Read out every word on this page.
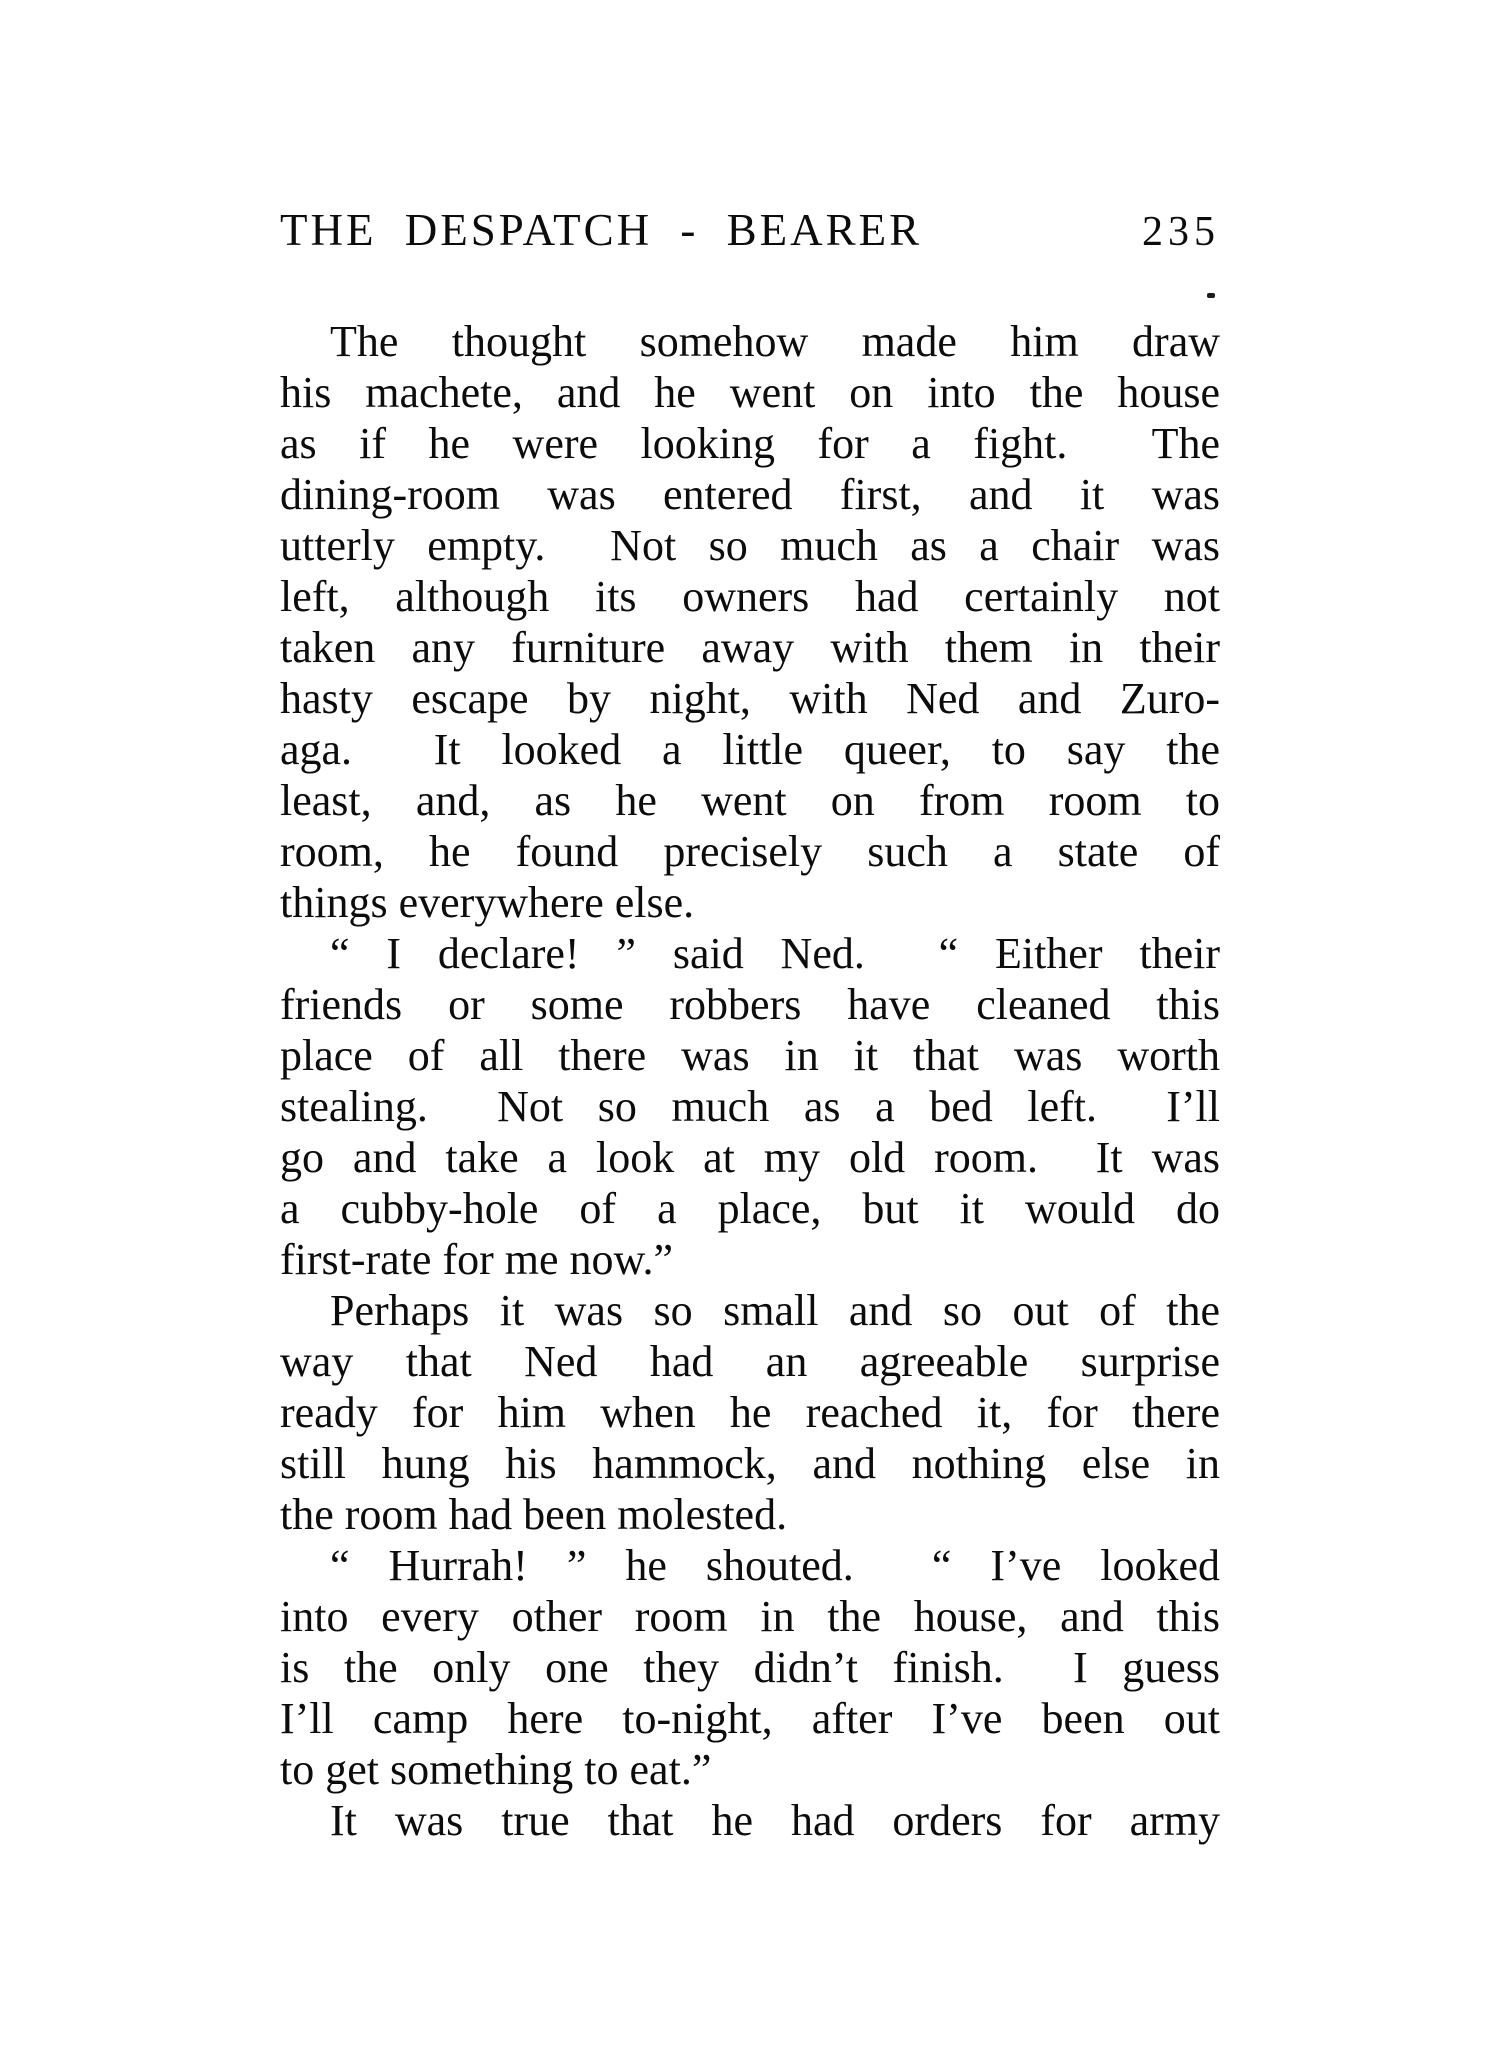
THE DESPATCH - BEARER	235
The thought somehow made him draw
his machete, and he went on into the house
as if he were looking for a fight.  The
dining-room was entered first, and it was
utterly empty.  Not so much as a chair was
left, although its owners had certainly not
taken any furniture away with them in their
hasty escape by night, with Ned and Zuro-
aga.  It looked a little queer, to say the
least, and, as he went on from room to
room, he found precisely such a state of
things everywhere else.
“ I declare! ” said Ned.  “ Either their
friends or some robbers have cleaned this
place of all there was in it that was worth
stealing.  Not so much as a bed left.  I’ll
go and take a look at my old room.  It was
a cubby-hole of a place, but it would do
first-rate for me now.”
Perhaps it was so small and so out of the
way that Ned had an agreeable surprise
ready for him when he reached it, for there
still hung his hammock, and nothing else in
the room had been molested.
“ Hurrah! ” he shouted.  “ I’ve looked
into every other room in the house, and this
is the only one they didn’t finish.  I guess
I’ll camp here to-night, after I’ve been out
to get something to eat.”
It was true that he had orders for army
